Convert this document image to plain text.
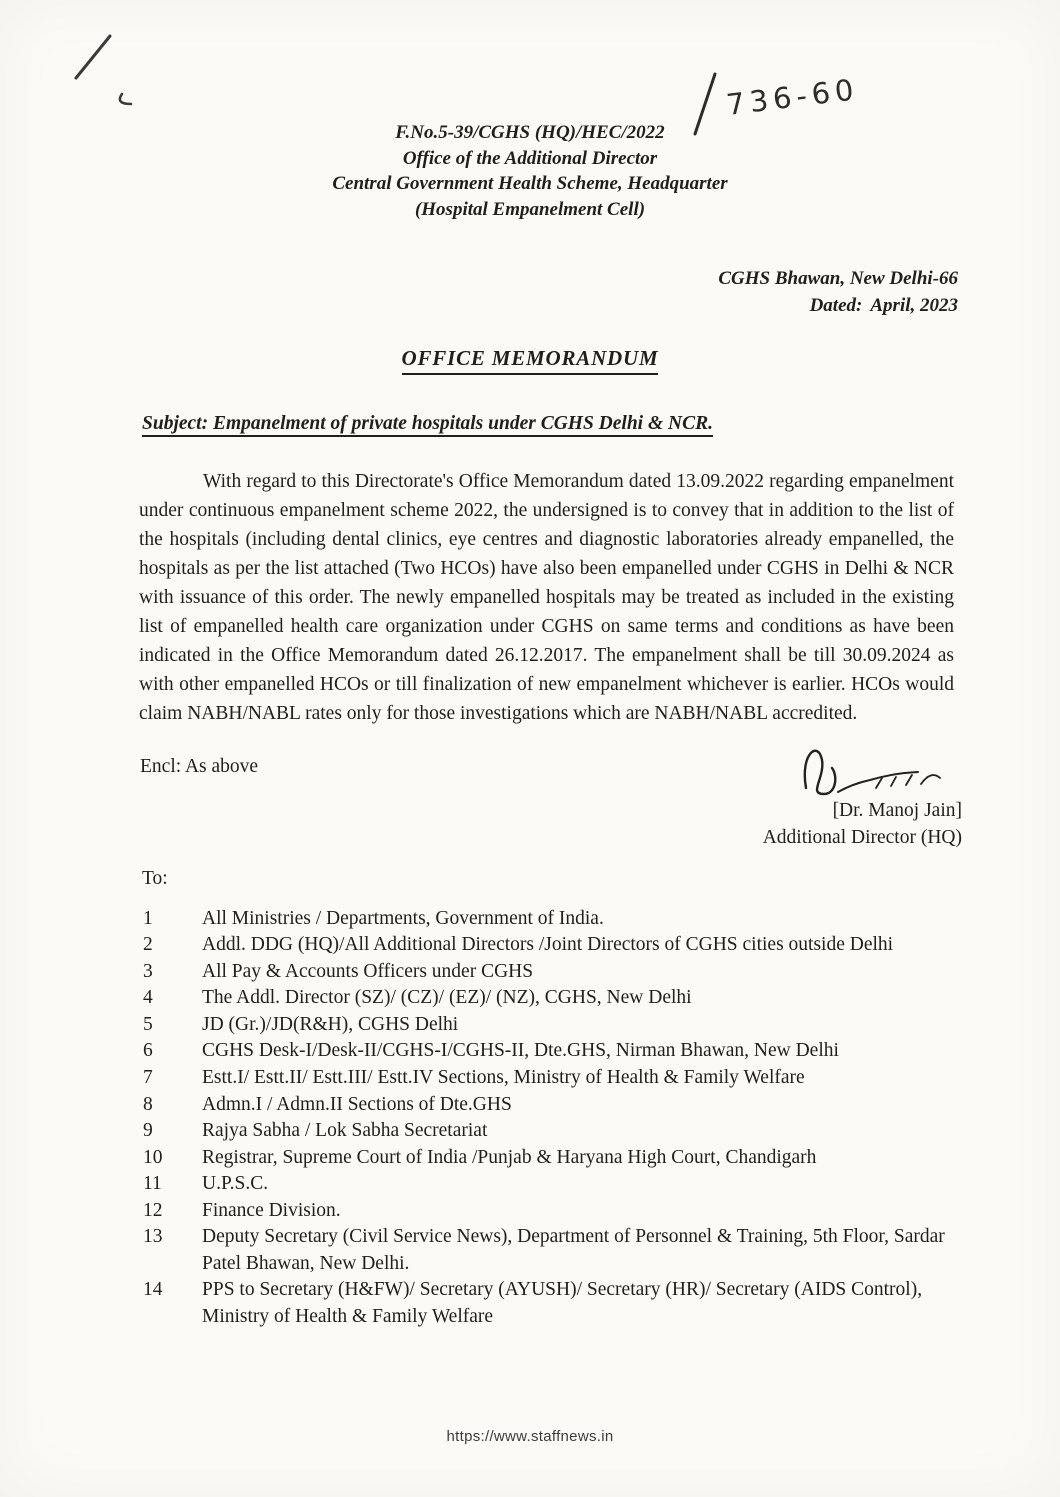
736-60
F.No.5-39/CGHS (HQ)/HEC/2022
Office of the Additional Director
Central Government Health Scheme, Headquarter
(Hospital Empanelment Cell)
CGHS Bhawan, New Delhi-66
Dated: April, 2023
OFFICE MEMORANDUM
Subject: Empanelment of private hospitals under CGHS Delhi & NCR.

With regard to this Directorate's Office Memorandum dated 13.09.2022 regarding empanelment under continuous empanelment scheme 2022, the undersigned is to convey that in addition to the list of the hospitals (including dental clinics, eye centres and diagnostic laboratories already empanelled, the hospitals as per the list attached (Two HCOs) have also been empanelled under CGHS in Delhi & NCR with issuance of this order. The newly empanelled hospitals may be treated as included in the existing list of empanelled health care organization under CGHS on same terms and conditions as have been indicated in the Office Memorandum dated 26.12.2017. The empanelment shall be till 30.09.2024 as with other empanelled HCOs or till finalization of new empanelment whichever is earlier. HCOs would claim NABH/NABL rates only for those investigations which are NABH/NABL accredited.

Encl: As above
[Dr. Manoj Jain]
Additional Director (HQ)
To:
1	All Ministries / Departments, Government of India.
2	Addl. DDG (HQ)/All Additional Directors /Joint Directors of CGHS cities outside Delhi
3	All Pay & Accounts Officers under CGHS
4	The Addl. Director (SZ)/ (CZ)/ (EZ)/ (NZ), CGHS, New Delhi
5	JD (Gr.)/JD(R&H), CGHS Delhi
6	CGHS Desk-I/Desk-II/CGHS-I/CGHS-II, Dte.GHS, Nirman Bhawan, New Delhi
7	Estt.I/ Estt.II/ Estt.III/ Estt.IV Sections, Ministry of Health & Family Welfare
8	Admn.I / Admn.II Sections of Dte.GHS
9	Rajya Sabha / Lok Sabha Secretariat
10	Registrar, Supreme Court of India /Punjab & Haryana High Court, Chandigarh
11	U.P.S.C.
12	Finance Division.
13	Deputy Secretary (Civil Service News), Department of Personnel & Training, 5th Floor, Sardar Patel Bhawan, New Delhi.
14	PPS to Secretary (H&FW)/ Secretary (AYUSH)/ Secretary (HR)/ Secretary (AIDS Control), Ministry of Health & Family Welfare
https://www.staffnews.in
